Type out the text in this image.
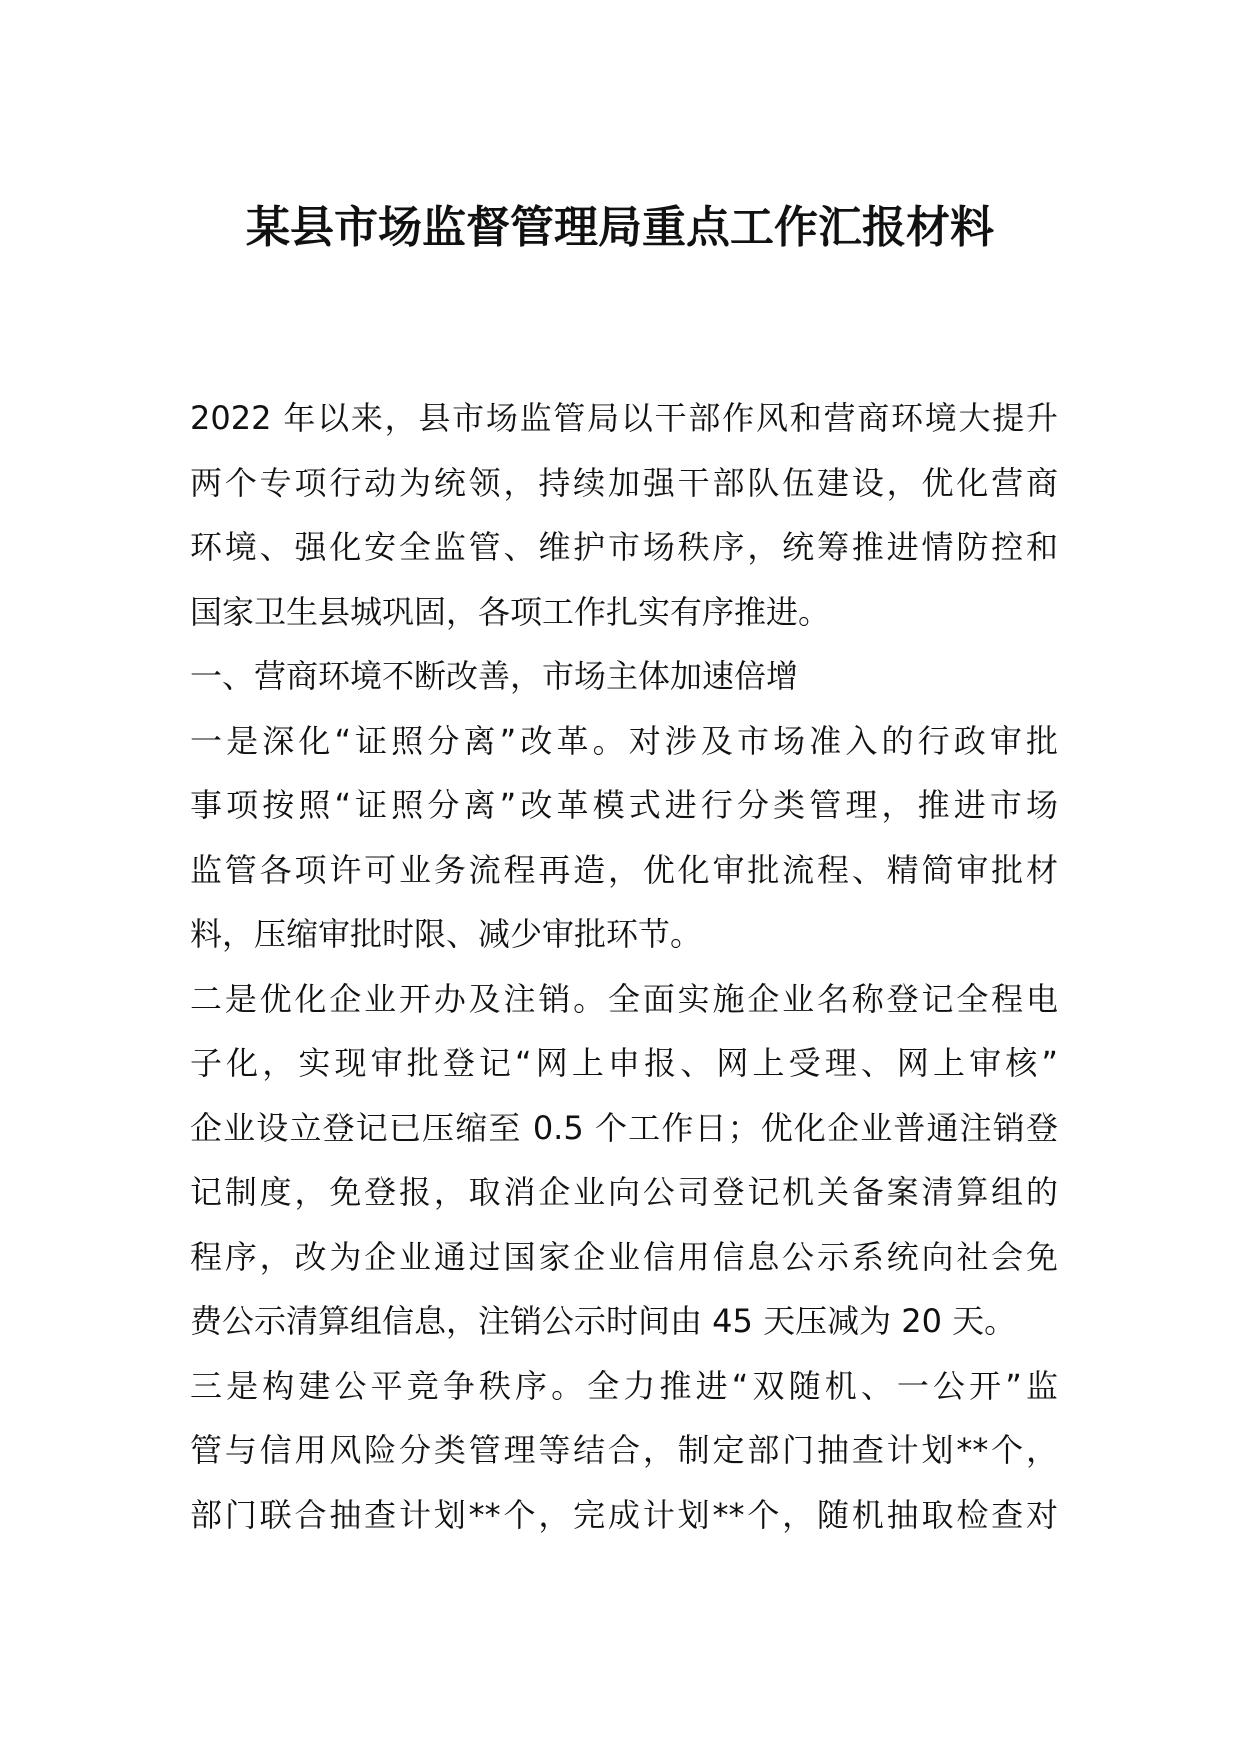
某县市场监督管理局重点工作汇报材料
2022 年以来，县市场监管局以干部作风和营商环境大提升
两个专项行动为统领，持续加强干部队伍建设，优化营商
环境、强化安全监管、维护市场秩序，统筹推进情防控和
国家卫生县城巩固，各项工作扎实有序推进。
一、营商环境不断改善，市场主体加速倍增
一是深化“证照分离”改革。对涉及市场准入的行政审批
事项按照“证照分离”改革模式进行分类管理，推进市场
监管各项许可业务流程再造，优化审批流程、精简审批材
料，压缩审批时限、减少审批环节。
二是优化企业开办及注销。全面实施企业名称登记全程电
子化，实现审批登记“网上申报、网上受理、网上审核”
企业设立登记已压缩至 0.5 个工作日；优化企业普通注销登
记制度，免登报，取消企业向公司登记机关备案清算组的
程序，改为企业通过国家企业信用信息公示系统向社会免
费公示清算组信息，注销公示时间由 45 天压减为 20 天。
三是构建公平竞争秩序。全力推进“双随机、一公开”监
管与信用风险分类管理等结合，制定部门抽查计划**个，
部门联合抽查计划**个，完成计划**个，随机抽取检查对
